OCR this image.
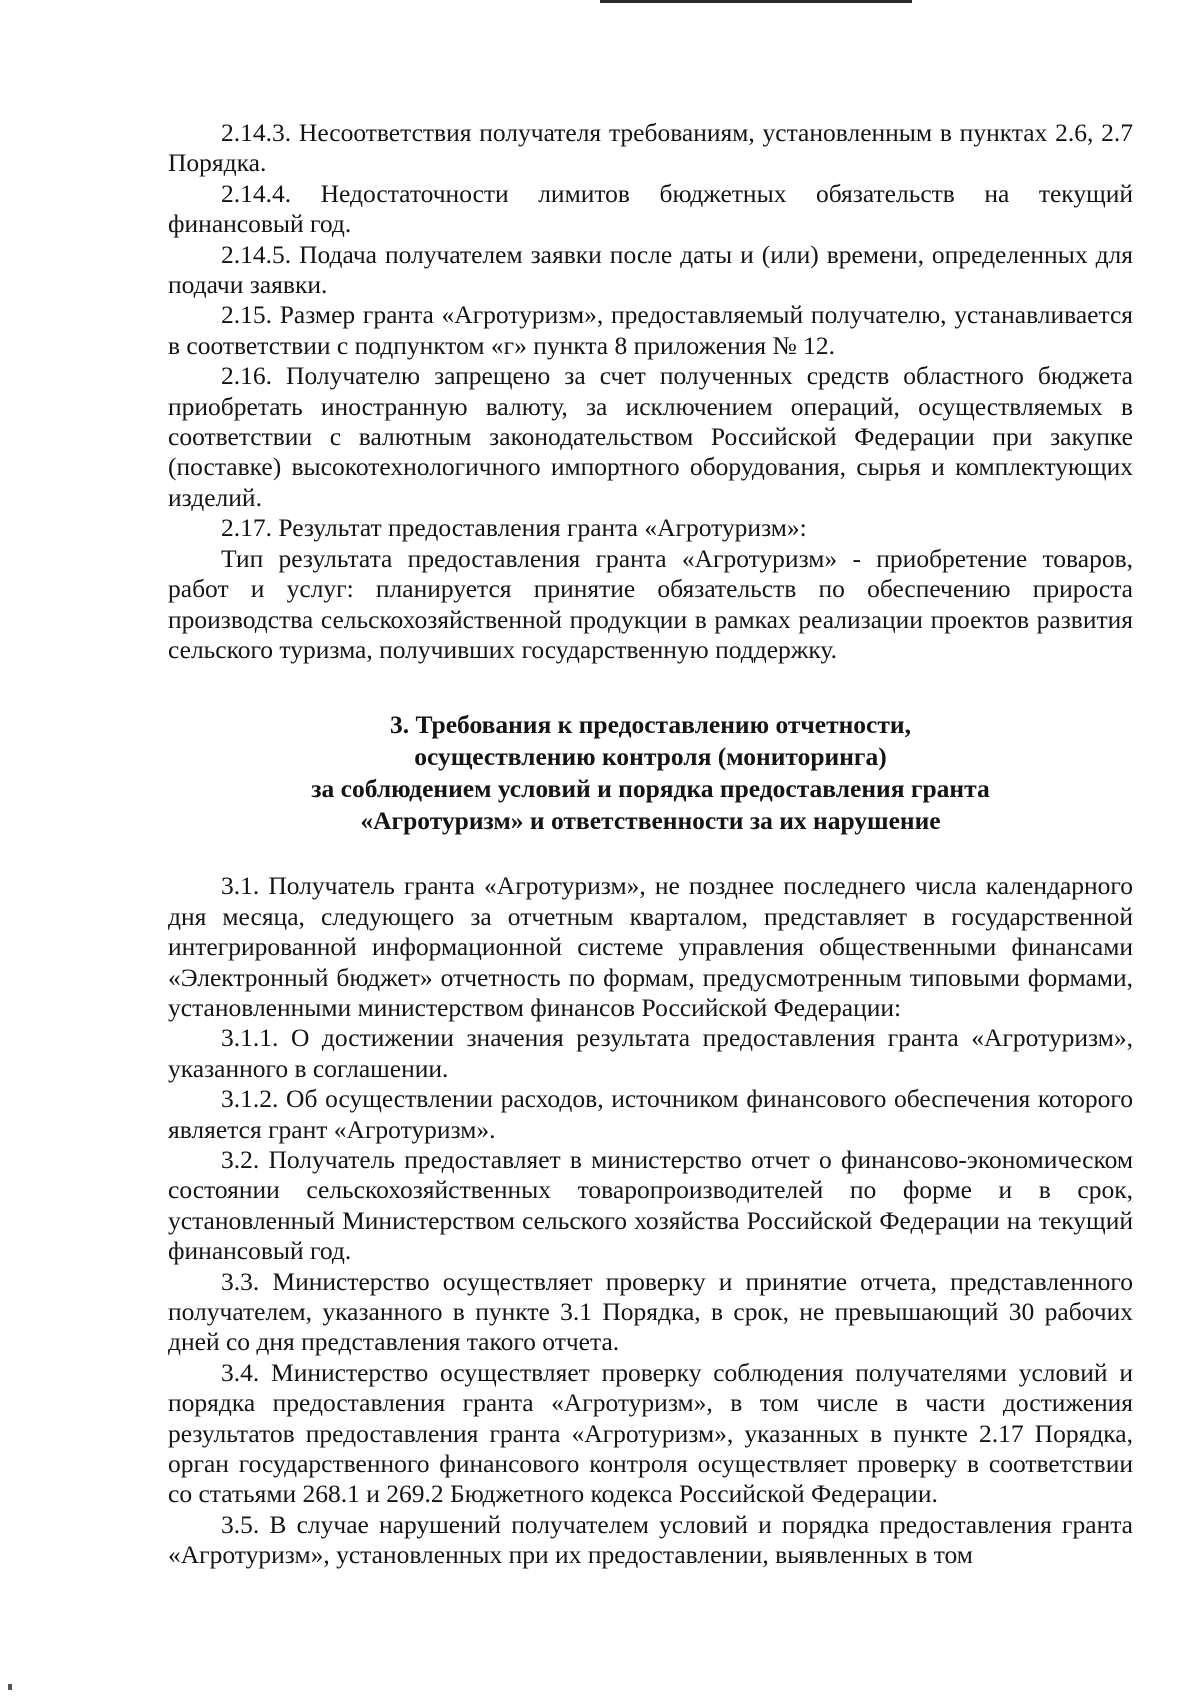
2.14.3. Несоответствия получателя требованиям, установленным в пунктах 2.6, 2.7 Порядка.

2.14.4. Недостаточности лимитов бюджетных обязательств на текущий финансовый год.

2.14.5. Подача получателем заявки после даты и (или) времени, определенных для подачи заявки.

2.15. Размер гранта «Агротуризм», предоставляемый получателю, устанавливается в соответствии с подпунктом «г» пункта 8 приложения № 12.

2.16. Получателю запрещено за счет полученных средств областного бюджета приобретать иностранную валюту, за исключением операций, осуществляемых в соответствии с валютным законодательством Российской Федерации при закупке (поставке) высокотехнологичного импортного оборудования, сырья и комплектующих изделий.

2.17. Результат предоставления гранта «Агротуризм»:

Тип результата предоставления гранта «Агротуризм» - приобретение товаров, работ и услуг: планируется принятие обязательств по обеспечению прироста производства сельскохозяйственной продукции в рамках реализации проектов развития сельского туризма, получивших государственную поддержку.

3. Требования к предоставлению отчетности,
осуществлению контроля (мониторинга)
за соблюдением условий и порядка предоставления гранта
«Агротуризм» и ответственности за их нарушение

3.1. Получатель гранта «Агротуризм», не позднее последнего числа календарного дня месяца, следующего за отчетным кварталом, представляет в государственной интегрированной информационной системе управления общественными финансами «Электронный бюджет» отчетность по формам, предусмотренным типовыми формами, установленными министерством финансов Российской Федерации:

3.1.1. О достижении значения результата предоставления гранта «Агротуризм», указанного в соглашении.

3.1.2. Об осуществлении расходов, источником финансового обеспечения которого является грант «Агротуризм».

3.2. Получатель предоставляет в министерство отчет о финансово-экономическом состоянии сельскохозяйственных товаропроизводителей по форме и в срок, установленный Министерством сельского хозяйства Российской Федерации на текущий финансовый год.

3.3. Министерство осуществляет проверку и принятие отчета, представленного получателем, указанного в пункте 3.1 Порядка, в срок, не превышающий 30 рабочих дней со дня представления такого отчета.

3.4. Министерство осуществляет проверку соблюдения получателями условий и порядка предоставления гранта «Агротуризм», в том числе в части достижения результатов предоставления гранта «Агротуризм», указанных в пункте 2.17 Порядка, орган государственного финансового контроля осуществляет проверку в соответствии со статьями 268.1 и 269.2 Бюджетного кодекса Российской Федерации.

3.5. В случае нарушений получателем условий и порядка предоставления гранта «Агротуризм», установленных при их предоставлении, выявленных в том
